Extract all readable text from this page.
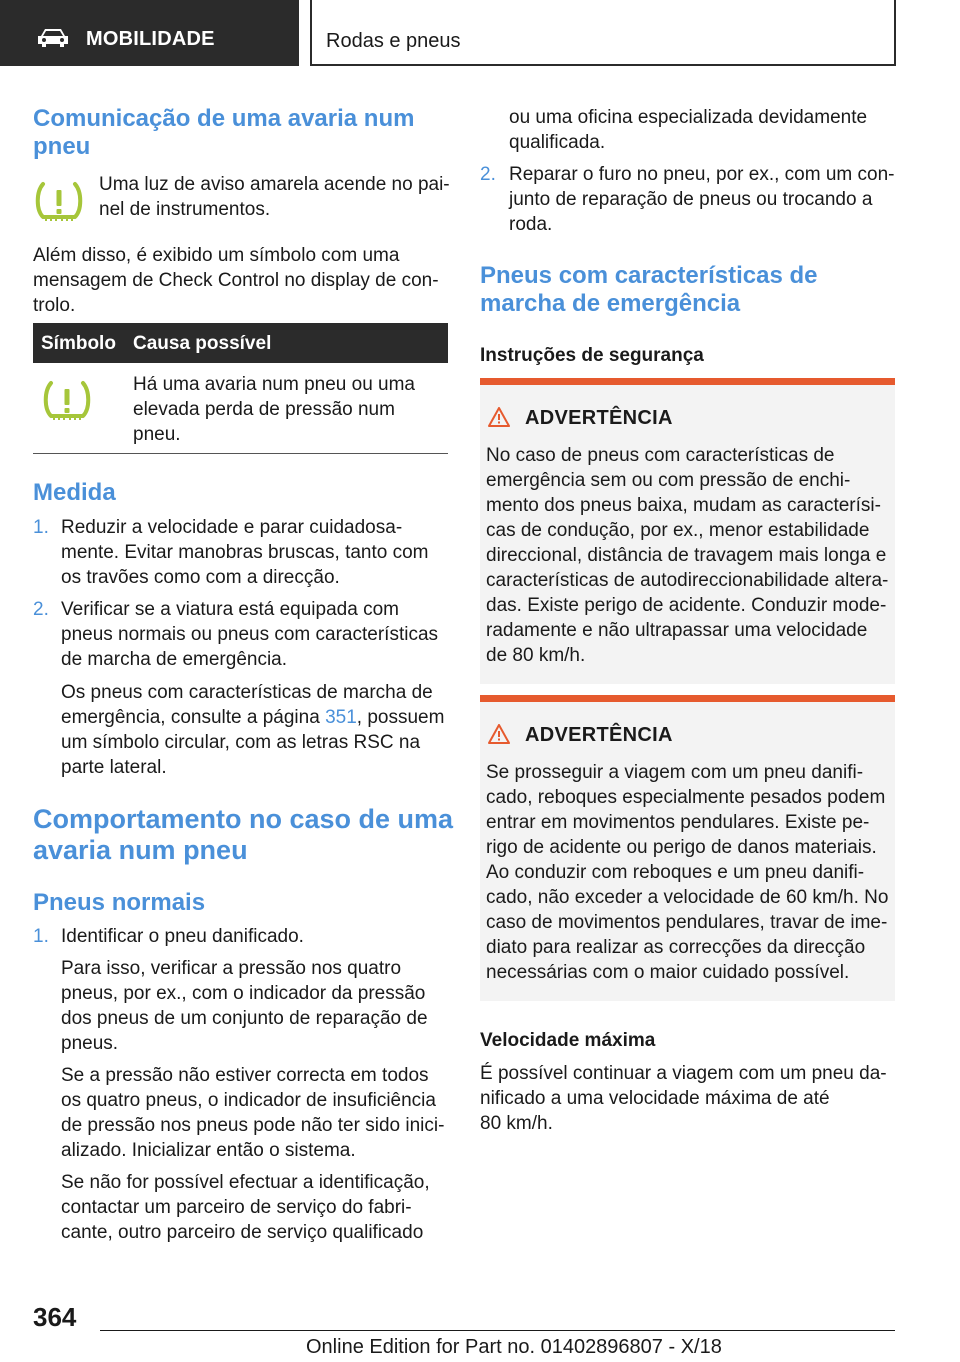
MOBILIDADE	Rodas e pneus
Comunicação de uma avaria num pneu
Uma luz de aviso amarela acende no pai-
nel de instrumentos.
Além disso, é exibido um símbolo com uma
mensagem de Check Control no display de con-
trolo.
Símbolo Causa possível
Há uma avaria num pneu ou uma
elevada perda de pressão num
pneu.
Medida
1. Reduzir a velocidade e parar cuidadosa-
mente. Evitar manobras bruscas, tanto com
os travões como com a direcção.
2. Verificar se a viatura está equipada com
pneus normais ou pneus com características
de marcha de emergência.
Os pneus com características de marcha de
emergência, consulte a página 351, possuem
um símbolo circular, com as letras RSC na
parte lateral.
Comportamento no caso de uma
avaria num pneu
Pneus normais
1. Identificar o pneu danificado.
Para isso, verificar a pressão nos quatro
pneus, por ex., com o indicador da pressão
dos pneus de um conjunto de reparação de
pneus.
Se a pressão não estiver correcta em todos
os quatro pneus, o indicador de insuficiência
de pressão nos pneus pode não ter sido inici-
alizado. Inicializar então o sistema.
Se não for possível efectuar a identificação,
contactar um parceiro de serviço do fabri-
cante, outro parceiro de serviço qualificado
ou uma oficina especializada devidamente
qualificada.
2. Reparar o furo no pneu, por ex., com um con-
junto de reparação de pneus ou trocando a
roda.
Pneus com características de
marcha de emergência
Instruções de segurança
ADVERTÊNCIA
No caso de pneus com características de
emergência sem ou com pressão de enchi-
mento dos pneus baixa, mudam as caracterísi-
cas de condução, por ex., menor estabilidade
direccional, distância de travagem mais longa e
características de autodireccionabilidade altera-
das. Existe perigo de acidente. Conduzir mode-
radamente e não ultrapassar uma velocidade
de 80 km/h.
ADVERTÊNCIA
Se prosseguir a viagem com um pneu danifi-
cado, reboques especialmente pesados podem
entrar em movimentos pendulares. Existe pe-
rigo de acidente ou perigo de danos materiais.
Ao conduzir com reboques e um pneu danifi-
cado, não exceder a velocidade de 60 km/h. No
caso de movimentos pendulares, travar de ime-
diato para realizar as correcções da direcção
necessárias com o maior cuidado possível.
Velocidade máxima
É possível continuar a viagem com um pneu da-
nificado a uma velocidade máxima de até
80 km/h.
364
Online Edition for Part no. 01402896807 - X/18
